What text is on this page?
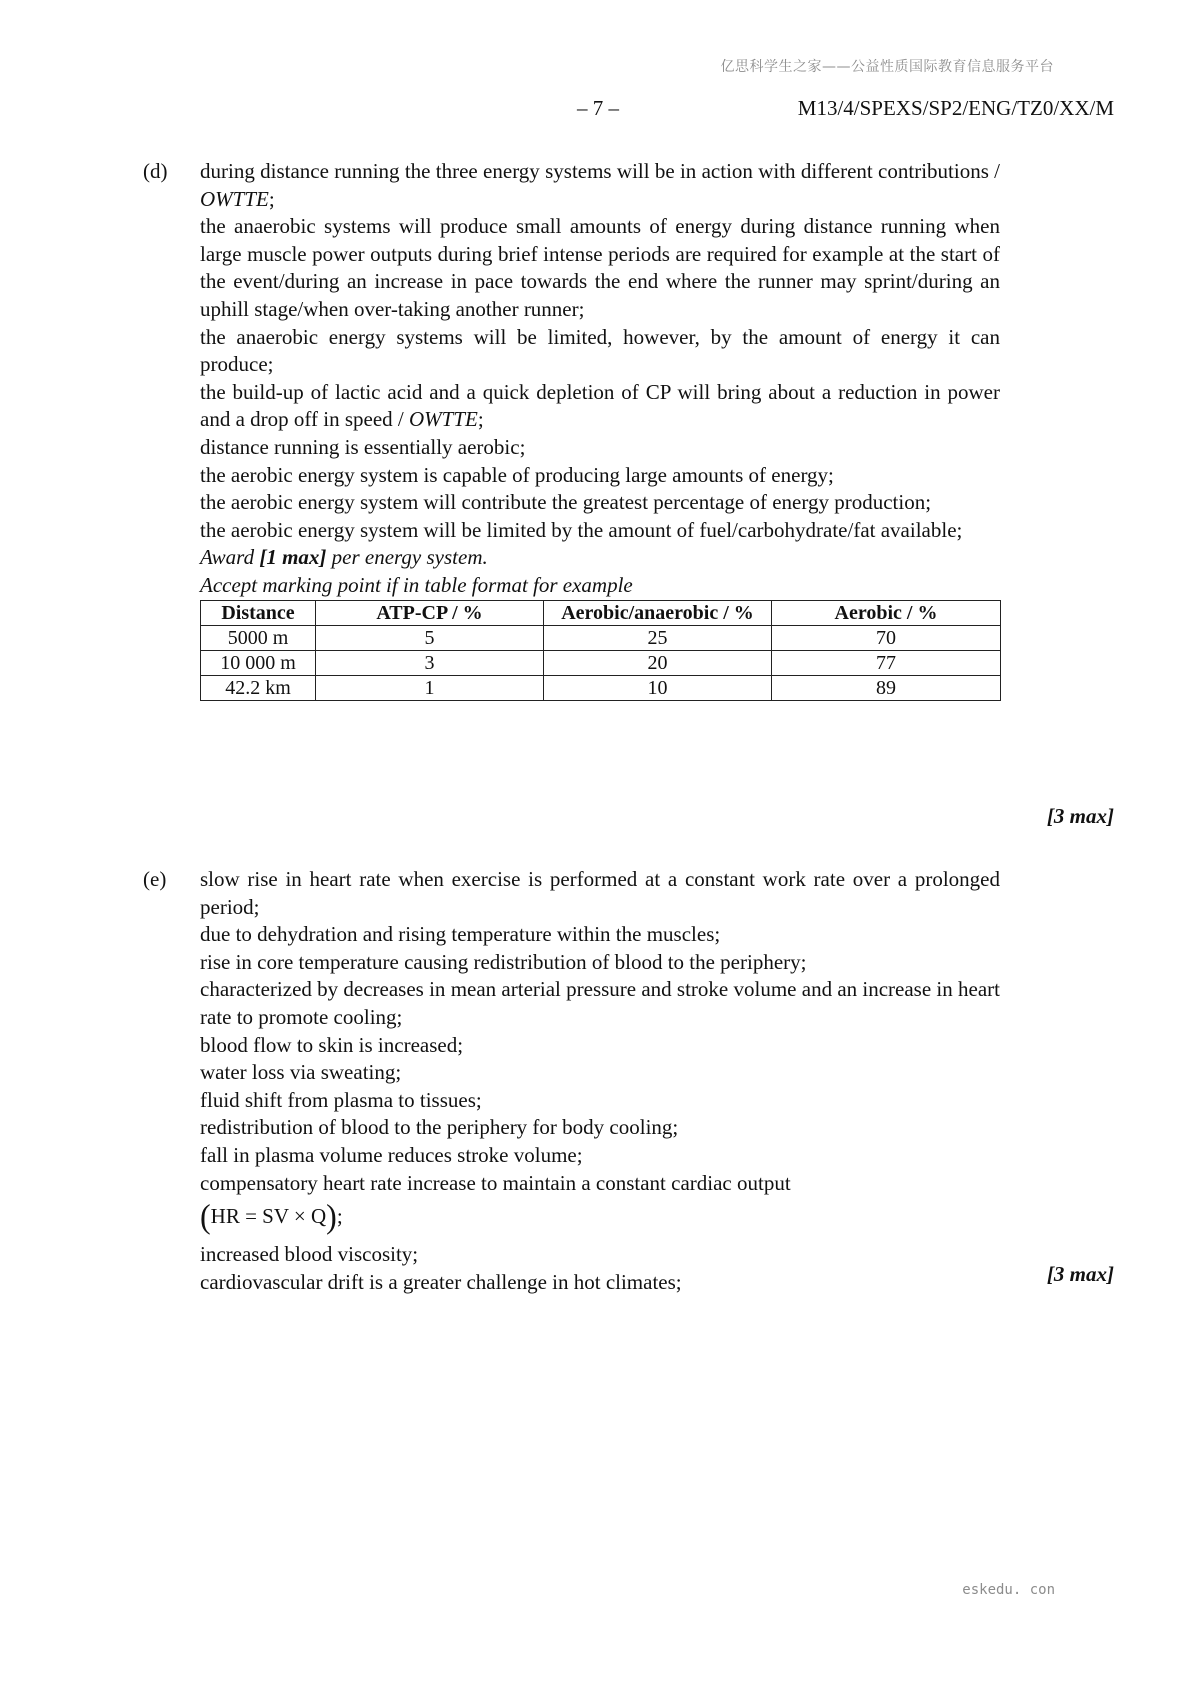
亿思科学生之家——公益性质国际教育信息服务平台
– 7 –	M13/4/SPEXS/SP2/ENG/TZ0/XX/M
(d) during distance running the three energy systems will be in action with different contributions / OWTTE;

the anaerobic systems will produce small amounts of energy during distance running when large muscle power outputs during brief intense periods are required for example at the start of the event/during an increase in pace towards the end where the runner may sprint/during an uphill stage/when over-taking another runner;

the anaerobic energy systems will be limited, however, by the amount of energy it can produce;

the build-up of lactic acid and a quick depletion of CP will bring about a reduction in power and a drop off in speed / OWTTE;

distance running is essentially aerobic;

the aerobic energy system is capable of producing large amounts of energy;

the aerobic energy system will contribute the greatest percentage of energy production;

the aerobic energy system will be limited by the amount of fuel/carbohydrate/fat available;

Award [1 max] per energy system.

Accept marking point if in table format for example

Distance	ATP-CP / %	Aerobic/anaerobic / %	Aerobic / %
5000 m	5	25	70
10 000 m	3	20	77
42.2 km	1	10	89
[3 max]
(e) slow rise in heart rate when exercise is performed at a constant work rate over a prolonged period;

due to dehydration and rising temperature within the muscles;

rise in core temperature causing redistribution of blood to the periphery;

characterized by decreases in mean arterial pressure and stroke volume and an increase in heart rate to promote cooling;

blood flow to skin is increased;

water loss via sweating;

fluid shift from plasma to tissues;

redistribution of blood to the periphery for body cooling;

fall in plasma volume reduces stroke volume;

compensatory heart rate increase to maintain a constant cardiac output

( HR = SV × Q ) ;

increased blood viscosity;

cardiovascular drift is a greater challenge in hot climates;	[3 max]
eskedu. con
